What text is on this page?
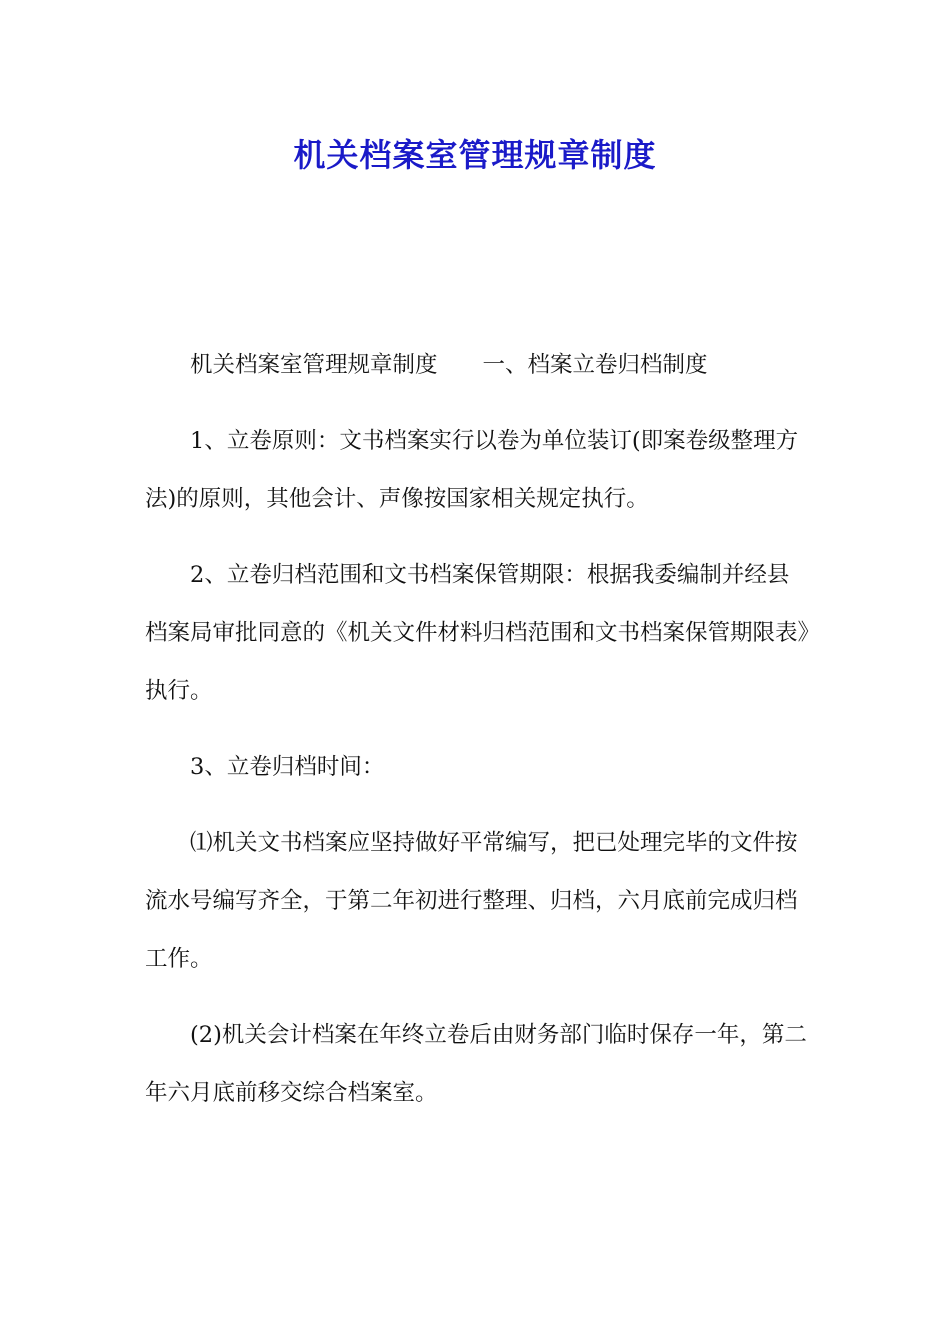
机关档案室管理规章制度

机关档案室管理规章制度 一、档案立卷归档制度

1、立卷原则：文书档案实行以卷为单位装订(即案卷级整理方法)的原则，其他会计、声像按国家相关规定执行。

2、立卷归档范围和文书档案保管期限：根据我委编制并经县档案局审批同意的《机关文件材料归档范围和文书档案保管期限表》执行。

3、立卷归档时间：

⑴机关文书档案应坚持做好平常编写，把已处理完毕的文件按流水号编写齐全，于第二年初进行整理、归档，六月底前完成归档工作。

(2)机关会计档案在年终立卷后由财务部门临时保存一年，第二年六月底前移交综合档案室。
